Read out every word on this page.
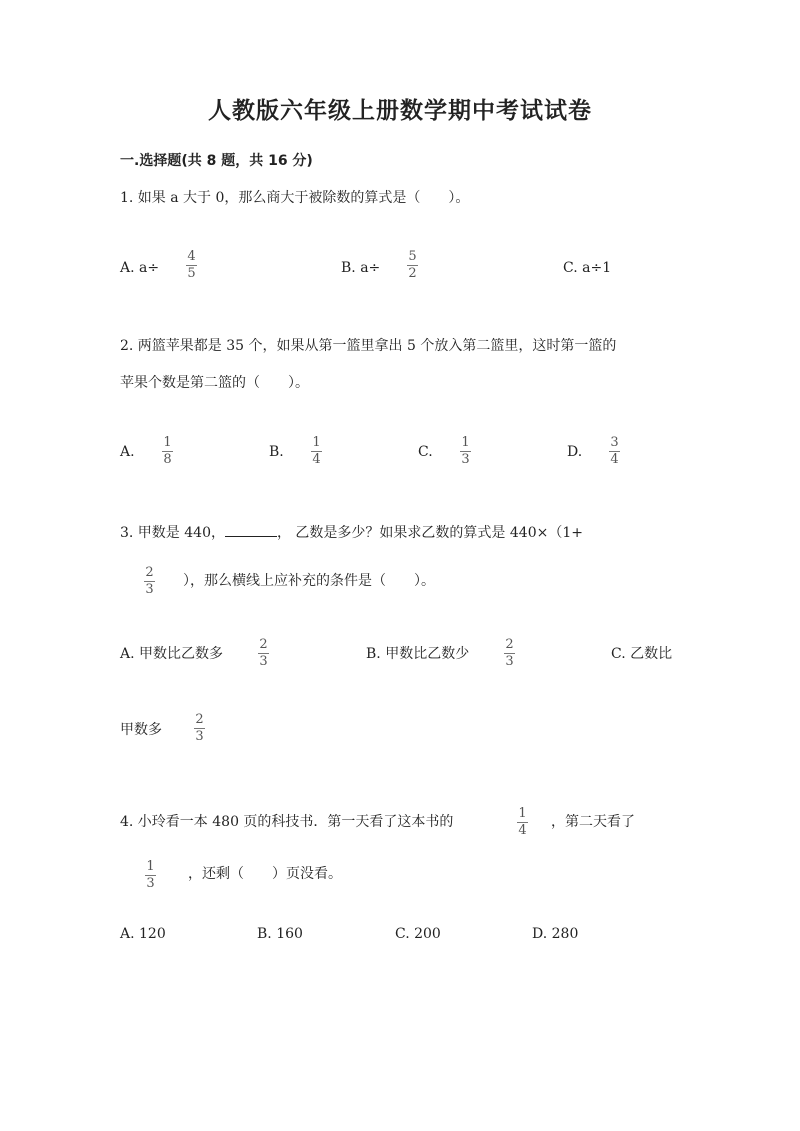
人教版六年级上册数学期中考试试卷
一.选择题(共 8 题，共 16 分)
1. 如果 a 大于 0，那么商大于被除数的算式是（　　）。
A. a÷
4
5	B. a÷
5
2	C. a÷1
2. 两篮苹果都是 35 个，如果从第一篮里拿出 5 个放入第二篮里，这时第一篮的
苹果个数是第二篮的（　　）。
A.
1
8	B.
1
4	C.
1
3	D.
3
4
3. 甲数是 440，	， 乙数是多少？如果求乙数的算式是 440×（1+
2
3
），那么横线上应补充的条件是（　　）。
A. 甲数比乙数多
2
3	B. 甲数比乙数少
2
3	C. 乙数比
甲数多
2
3
4. 小玲看一本 480 页的科技书．第一天看了这本书的
1
4
，第二天看了
1
3
，还剩（　　）页没看。
A. 120	B. 160	C. 200	D. 280
